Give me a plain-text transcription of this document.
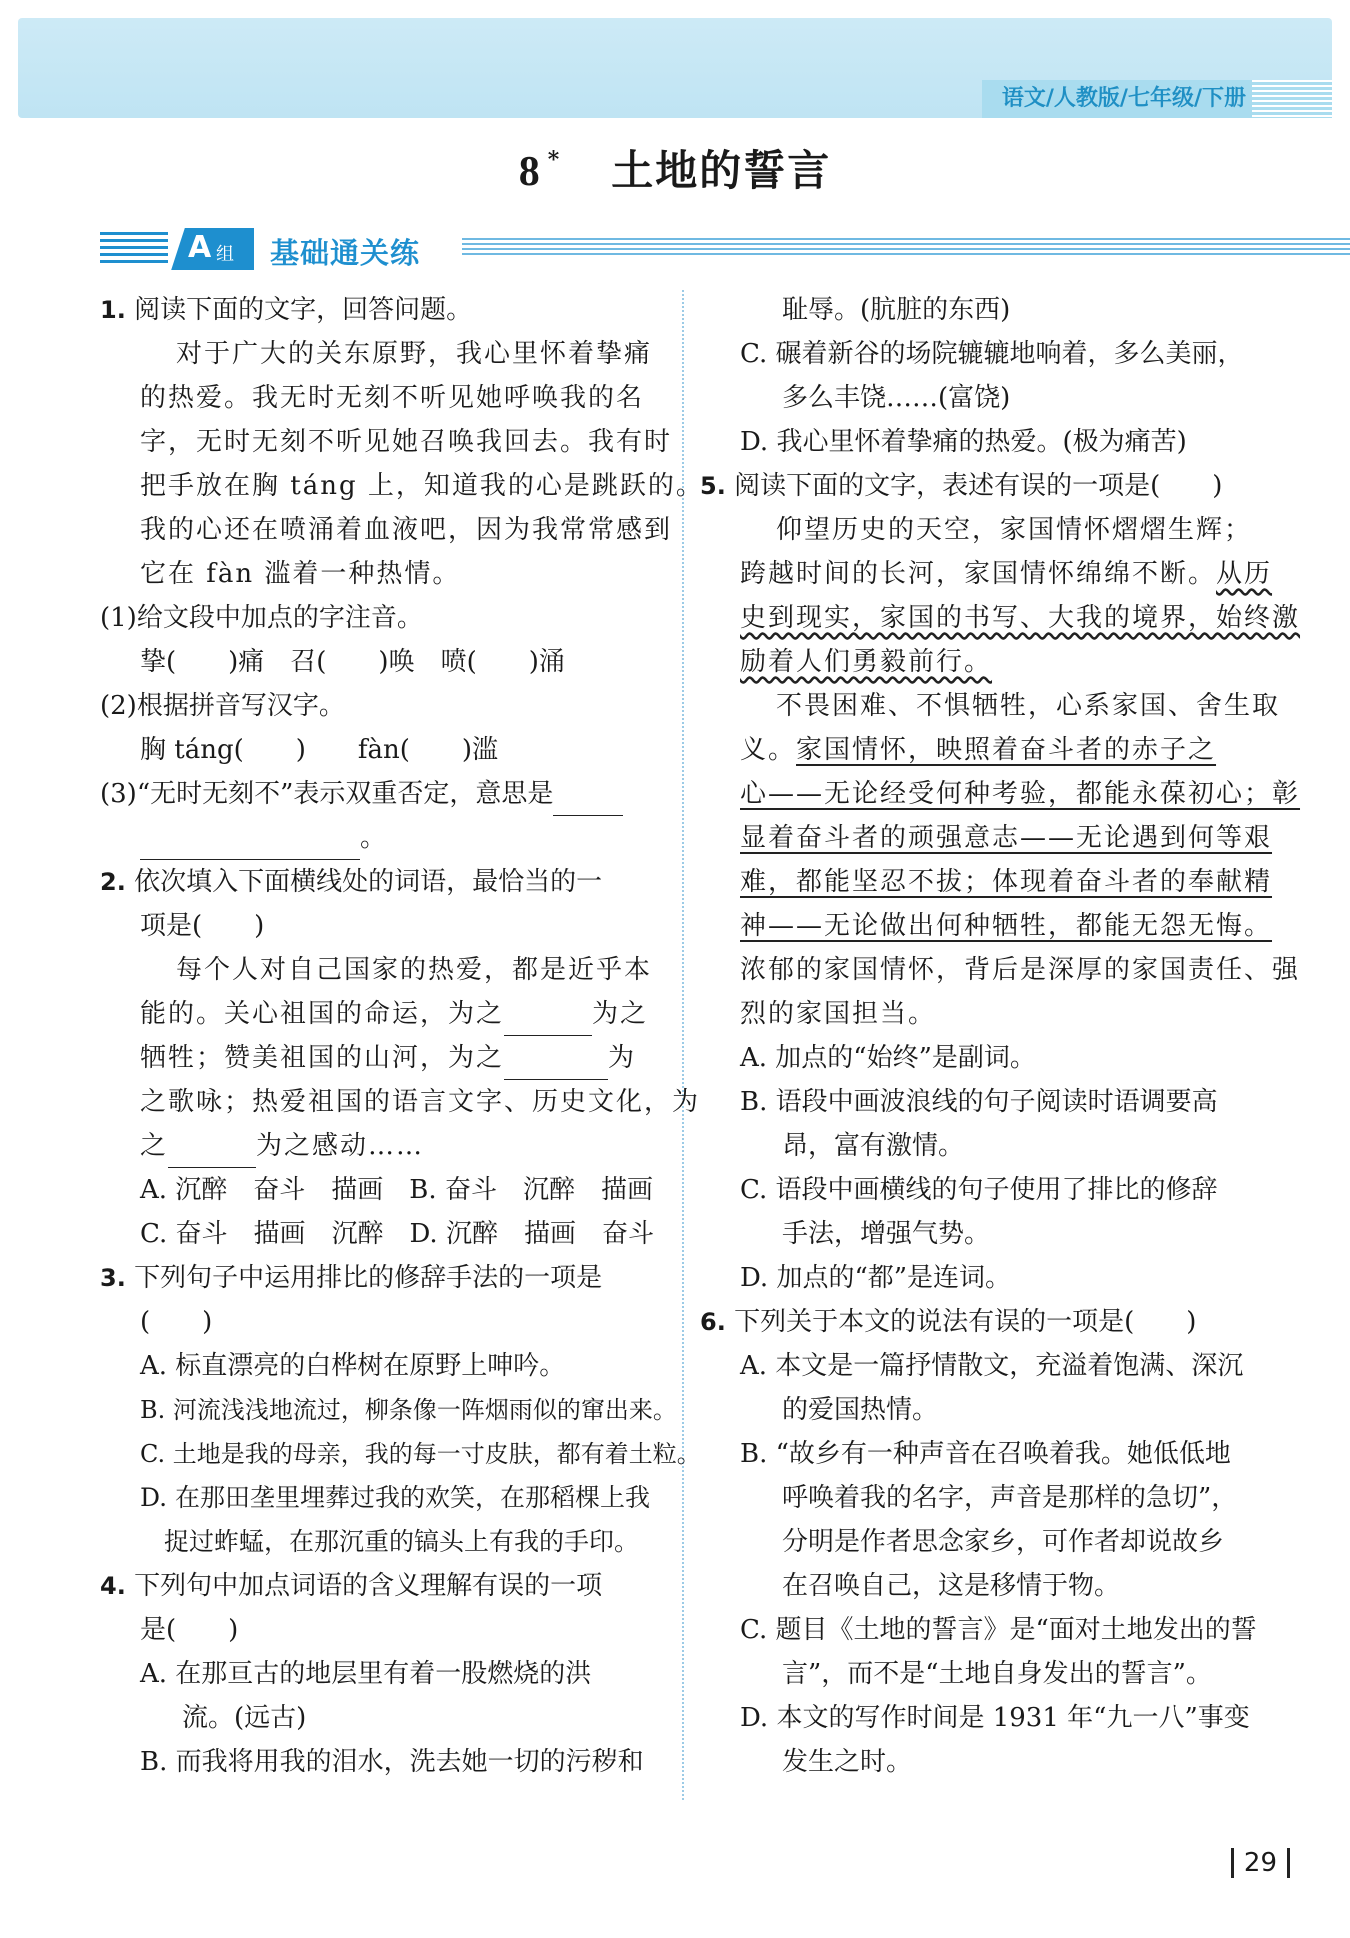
语文/人教版/七年级/下册
8 * 土地的誓言
A 组 基础通关练
1. 阅读下面的文字，回答问题。
对于广大的关东原野，我心里怀着挚痛
的热爱。我无时无刻不听见她呼唤我的名
字，无时无刻不听见她召唤我回去。我有时
把手放在胸 táng 上，知道我的心是跳跃的。
我的心还在喷涌着血液吧，因为我常常感到
它在 fàn 滥着一种热情。
(1)给文段中加点的字注音。
挚(　　)痛　召(　　)唤　喷(　　)涌
(2)根据拼音写汉字。
胸 táng(　　)　　fàn(　　)滥
(3)“无时无刻不”表示双重否定，意思是
。
2. 依次填入下面横线处的词语，最恰当的一
项是(　　)
每个人对自己国家的热爱，都是近乎本
能的。关心祖国的命运，为之	为之
牺牲；赞美祖国的山河，为之	为
之歌咏；热爱祖国的语言文字、历史文化，为
之	为之感动……
A. 沉醉　奋斗　描画　B. 奋斗　沉醉　描画
C. 奋斗　描画　沉醉　D. 沉醉　描画　奋斗
3. 下列句子中运用排比的修辞手法的一项是
(　　)
A. 标直漂亮的白桦树在原野上呻吟。
B. 河流浅浅地流过，柳条像一阵烟雨似的窜出来。
C. 土地是我的母亲，我的每一寸皮肤，都有着土粒。
D. 在那田垄里埋葬过我的欢笑，在那稻棵上我
捉过蚱蜢，在那沉重的镐头上有我的手印。
4. 下列句中加点词语的含义理解有误的一项
是(　　)
A. 在那亘古的地层里有着一股燃烧的洪
流。(远古)
B. 而我将用我的泪水，洗去她一切的污秽和
耻辱。(肮脏的东西)
C. 碾着新谷的场院辘辘地响着，多么美丽，
多么丰饶……(富饶)
D. 我心里怀着挚痛的热爱。(极为痛苦)
5. 阅读下面的文字，表述有误的一项是(　　)
仰望历史的天空，家国情怀熠熠生辉；
跨越时间的长河，家国情怀绵绵不断。从历
史到现实，家国的书写、大我的境界，始终激
励着人们勇毅前行。
不畏困难、不惧牺牲，心系家国、舍生取
义。家国情怀，映照着奋斗者的赤子之
心——无论经受何种考验，都能永葆初心；彰
显着奋斗者的顽强意志——无论遇到何等艰
难，都能坚忍不拔；体现着奋斗者的奉献精
神——无论做出何种牺牲，都能无怨无悔。
浓郁的家国情怀，背后是深厚的家国责任、强
烈的家国担当。
A. 加点的“始终”是副词。
B. 语段中画波浪线的句子阅读时语调要高
昂，富有激情。
C. 语段中画横线的句子使用了排比的修辞
手法，增强气势。
D. 加点的“都”是连词。
6. 下列关于本文的说法有误的一项是(　　)
A. 本文是一篇抒情散文，充溢着饱满、深沉
的爱国热情。
B. “故乡有一种声音在召唤着我。她低低地
呼唤着我的名字，声音是那样的急切”，
分明是作者思念家乡，可作者却说故乡
在召唤自己，这是移情于物。
C. 题目《土地的誓言》是“面对土地发出的誓
言”，而不是“土地自身发出的誓言”。
D. 本文的写作时间是 1931 年“九一八”事变
发生之时。
29
